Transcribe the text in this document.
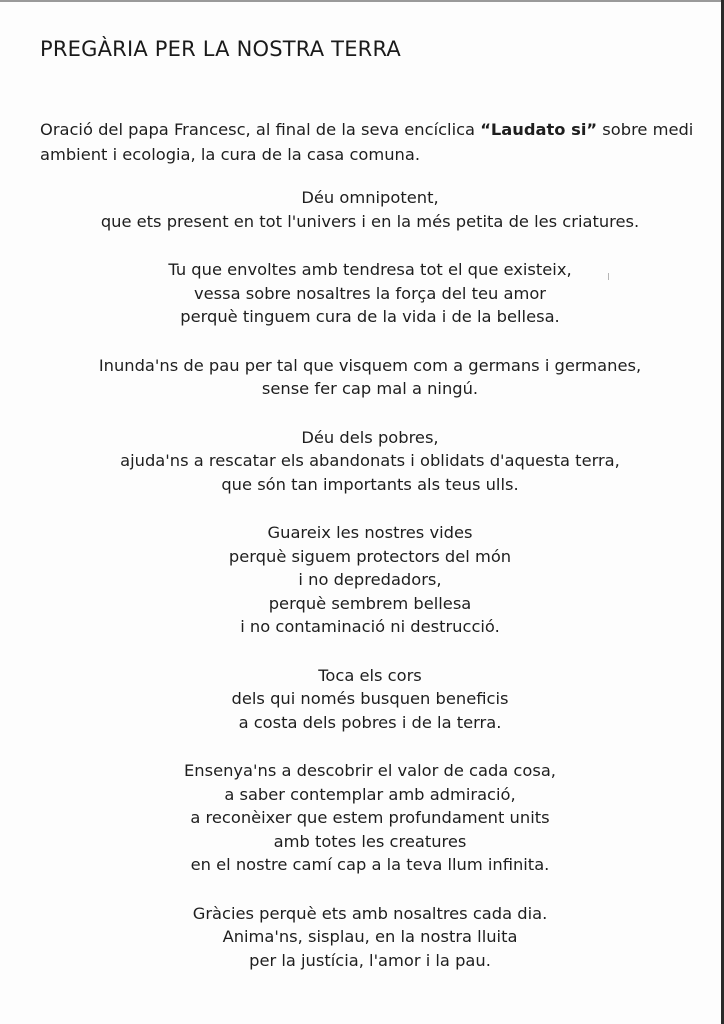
PREGÀRIA PER LA NOSTRA TERRA

Oració del papa Francesc, al final de la seva encíclica “Laudato si” sobre medi ambient i ecologia, la cura de la casa comuna.

Déu omnipotent,
que ets present en tot l'univers i en la més petita de les criatures.
Tu que envoltes amb tendresa tot el que existeix,
vessa sobre nosaltres la força del teu amor
perquè tinguem cura de la vida i de la bellesa.
Inunda'ns de pau per tal que visquem com a germans i germanes,
sense fer cap mal a ningú.
Déu dels pobres,
ajuda'ns a rescatar els abandonats i oblidats d'aquesta terra,
que són tan importants als teus ulls.
Guareix les nostres vides
perquè siguem protectors del món
i no depredadors,
perquè sembrem bellesa
i no contaminació ni destrucció.
Toca els cors
dels qui només busquen beneficis
a costa dels pobres i de la terra.
Ensenya'ns a descobrir el valor de cada cosa,
a saber contemplar amb admiració,
a reconèixer que estem profundament units
amb totes les creatures
en el nostre camí cap a la teva llum infinita.
Gràcies perquè ets amb nosaltres cada dia.
Anima'ns, sisplau, en la nostra lluita
per la justícia, l'amor i la pau.
